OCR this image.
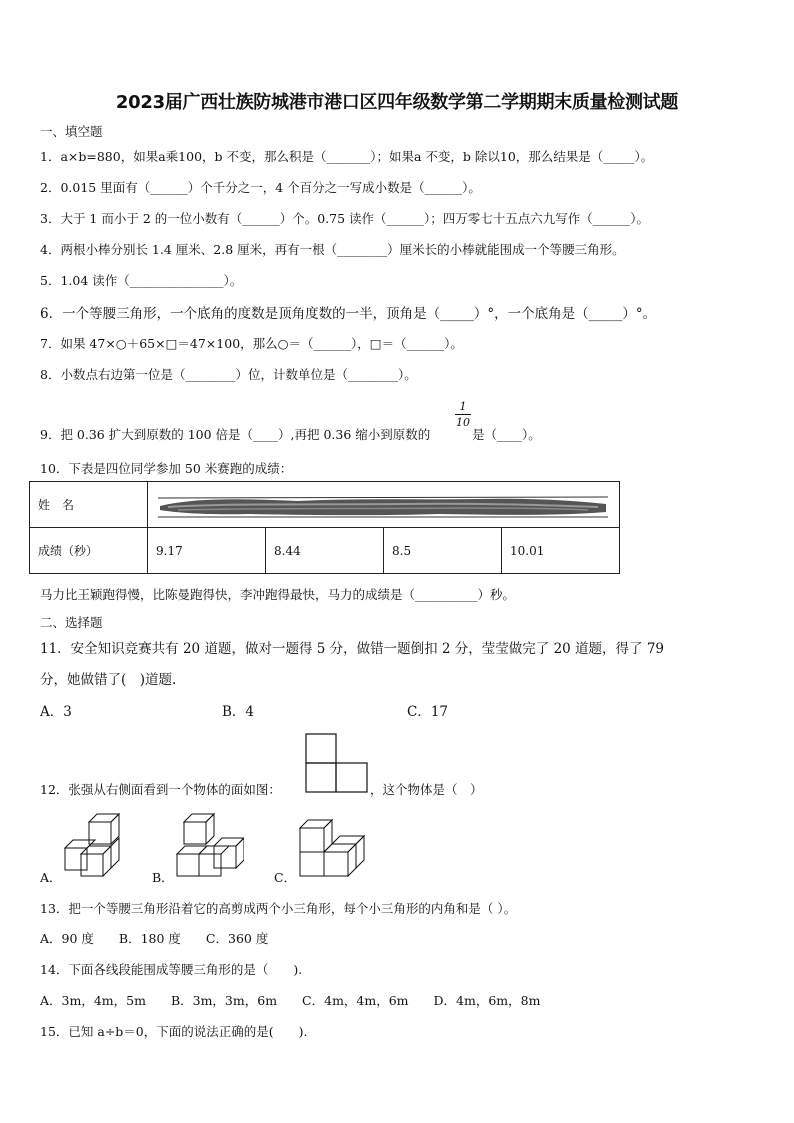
2023届广西壮族防城港市港口区四年级数学第二学期期末质量检测试题
一、填空题
1．a×b=880，如果a乘100，b 不变，那么积是（_______）；如果a 不变，b 除以10，那么结果是（_____）。
2．0.015 里面有（______）个千分之一，4 个百分之一写成小数是（______）。
3．大于 1 而小于 2 的一位小数有（______）个。0.75 读作（______）；四万零七十五点六九写作（______）。
4．两根小棒分别长 1.4 厘米、2.8 厘米，再有一根（________）厘米长的小棒就能围成一个等腰三角形。
5．1.04 读作（_______________）。
6．一个等腰三角形，一个底角的度数是顶角度数的一半，顶角是（_____）°，一个底角是（_____）°。
7．如果 47×○＋65×□＝47×100，那么○＝（______），□＝（______）。
8．小数点右边第一位是（________）位，计数单位是（________）。
9．把 0.36 扩大到原数的 100 倍是（____）,再把 0.36 缩小到原数的
1
10
是（____）。
10．下表是四位同学参加 50 米赛跑的成绩：
姓　名				
成绩（秒）	9.17	8.44	8.5	10.01
马力比王颖跑得慢，比陈曼跑得快，李冲跑得最快，马力的成绩是（__________）秒。
二、选择题
11．安全知识竞赛共有 20 道题，做对一题得 5 分，做错一题倒扣 2 分，莹莹做完了 20 道题，得了 79
分，她做错了(　)道题.
A．3	B．4	C．17
12．张强从右侧面看到一个物体的面如图：	，这个物体是（　）
A．	B．	C．
13．把一个等腰三角形沿着它的高剪成两个小三角形，每个小三角形的内角和是（ ）。
A．90 度　　B．180 度　　C．360 度
14．下面各线段能围成等腰三角形的是（　　).
A．3m，4m，5m　　B．3m，3m，6m　　C．4m，4m，6m　　D．4m，6m，8m
15．已知 a÷b＝0，下面的说法正确的是(　　).
